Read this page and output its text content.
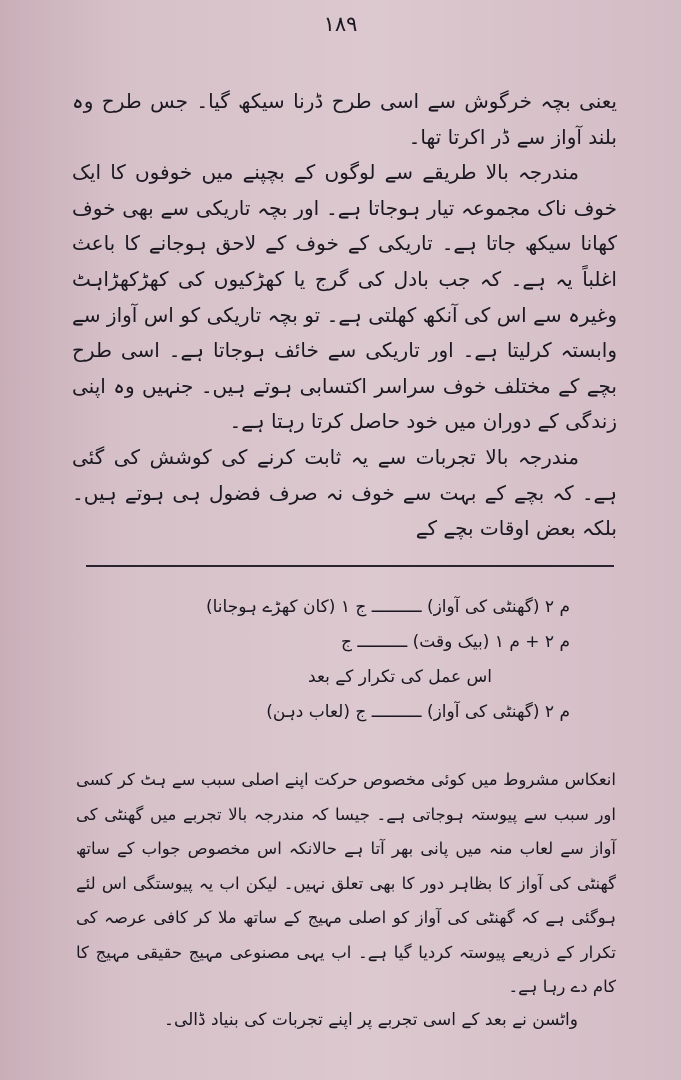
۱۸۹

یعنی بچہ خرگوش سے اسی طرح ڈرنا سیکھ گیا۔ جس طرح وہ بلند آواز سے ڈر اکرتا تھا۔

مندرجہ بالا طریقے سے لوگوں کے بچپنے میں خوفوں کا ایک خوف ناک مجموعہ تیار ہوجاتا ہے۔ اور بچہ تاریکی سے بھی خوف کھانا سیکھ جاتا ہے۔ تاریکی کے خوف کے لاحق ہوجانے کا باعث اغلباً یہ ہے۔ کہ جب بادل کی گرج یا کھڑکیوں کی کھڑکھڑاہٹ وغیرہ سے اس کی آنکھ کھلتی ہے۔ تو بچہ تاریکی کو اس آواز سے وابستہ کرلیتا ہے۔ اور تاریکی سے خائف ہوجاتا ہے۔ اسی طرح بچے کے مختلف خوف سراسر اکتسابی ہوتے ہیں۔ جنہیں وہ اپنی زندگی کے دوران میں خود حاصل کرتا رہتا ہے۔

مندرجہ بالا تجربات سے یہ ثابت کرنے کی کوشش کی گئی ہے۔ کہ بچے کے بہت سے خوف نہ صرف فضول ہی ہوتے ہیں۔ بلکہ بعض اوقات بچے کے

م ۲ (گھنٹی کی آواز) ــــــــــ ج ۱ (کان کھڑے ہوجانا)

م ۲ + م ۱ (بیک وقت) ــــــــــ ج

اس عمل کی تکرار کے بعد

م ۲ (گھنٹی کی آواز) ــــــــــ ج (لعاب دہن)

انعکاس مشروط میں کوئی مخصوص حرکت اپنے اصلی سبب سے ہٹ کر کسی اور سبب سے پیوستہ ہوجاتی ہے۔ جیسا کہ مندرجہ بالا تجربے میں گھنٹی کی آواز سے لعاب منہ میں پانی بھر آتا ہے حالانکہ اس مخصوص جواب کے ساتھ گھنٹی کی آواز کا بظاہر دور کا بھی تعلق نہیں۔ لیکن اب یہ پیوستگی اس لئے ہوگئی ہے کہ گھنٹی کی آواز کو اصلی مہیج کے ساتھ ملا کر کافی عرصہ کی تکرار کے ذریعے پیوستہ کردیا گیا ہے۔ اب یہی مصنوعی مہیج حقیقی مہیج کا کام دے رہا ہے۔

واٹسن نے بعد کے اسی تجربے پر اپنے تجربات کی بنیاد ڈالی۔
